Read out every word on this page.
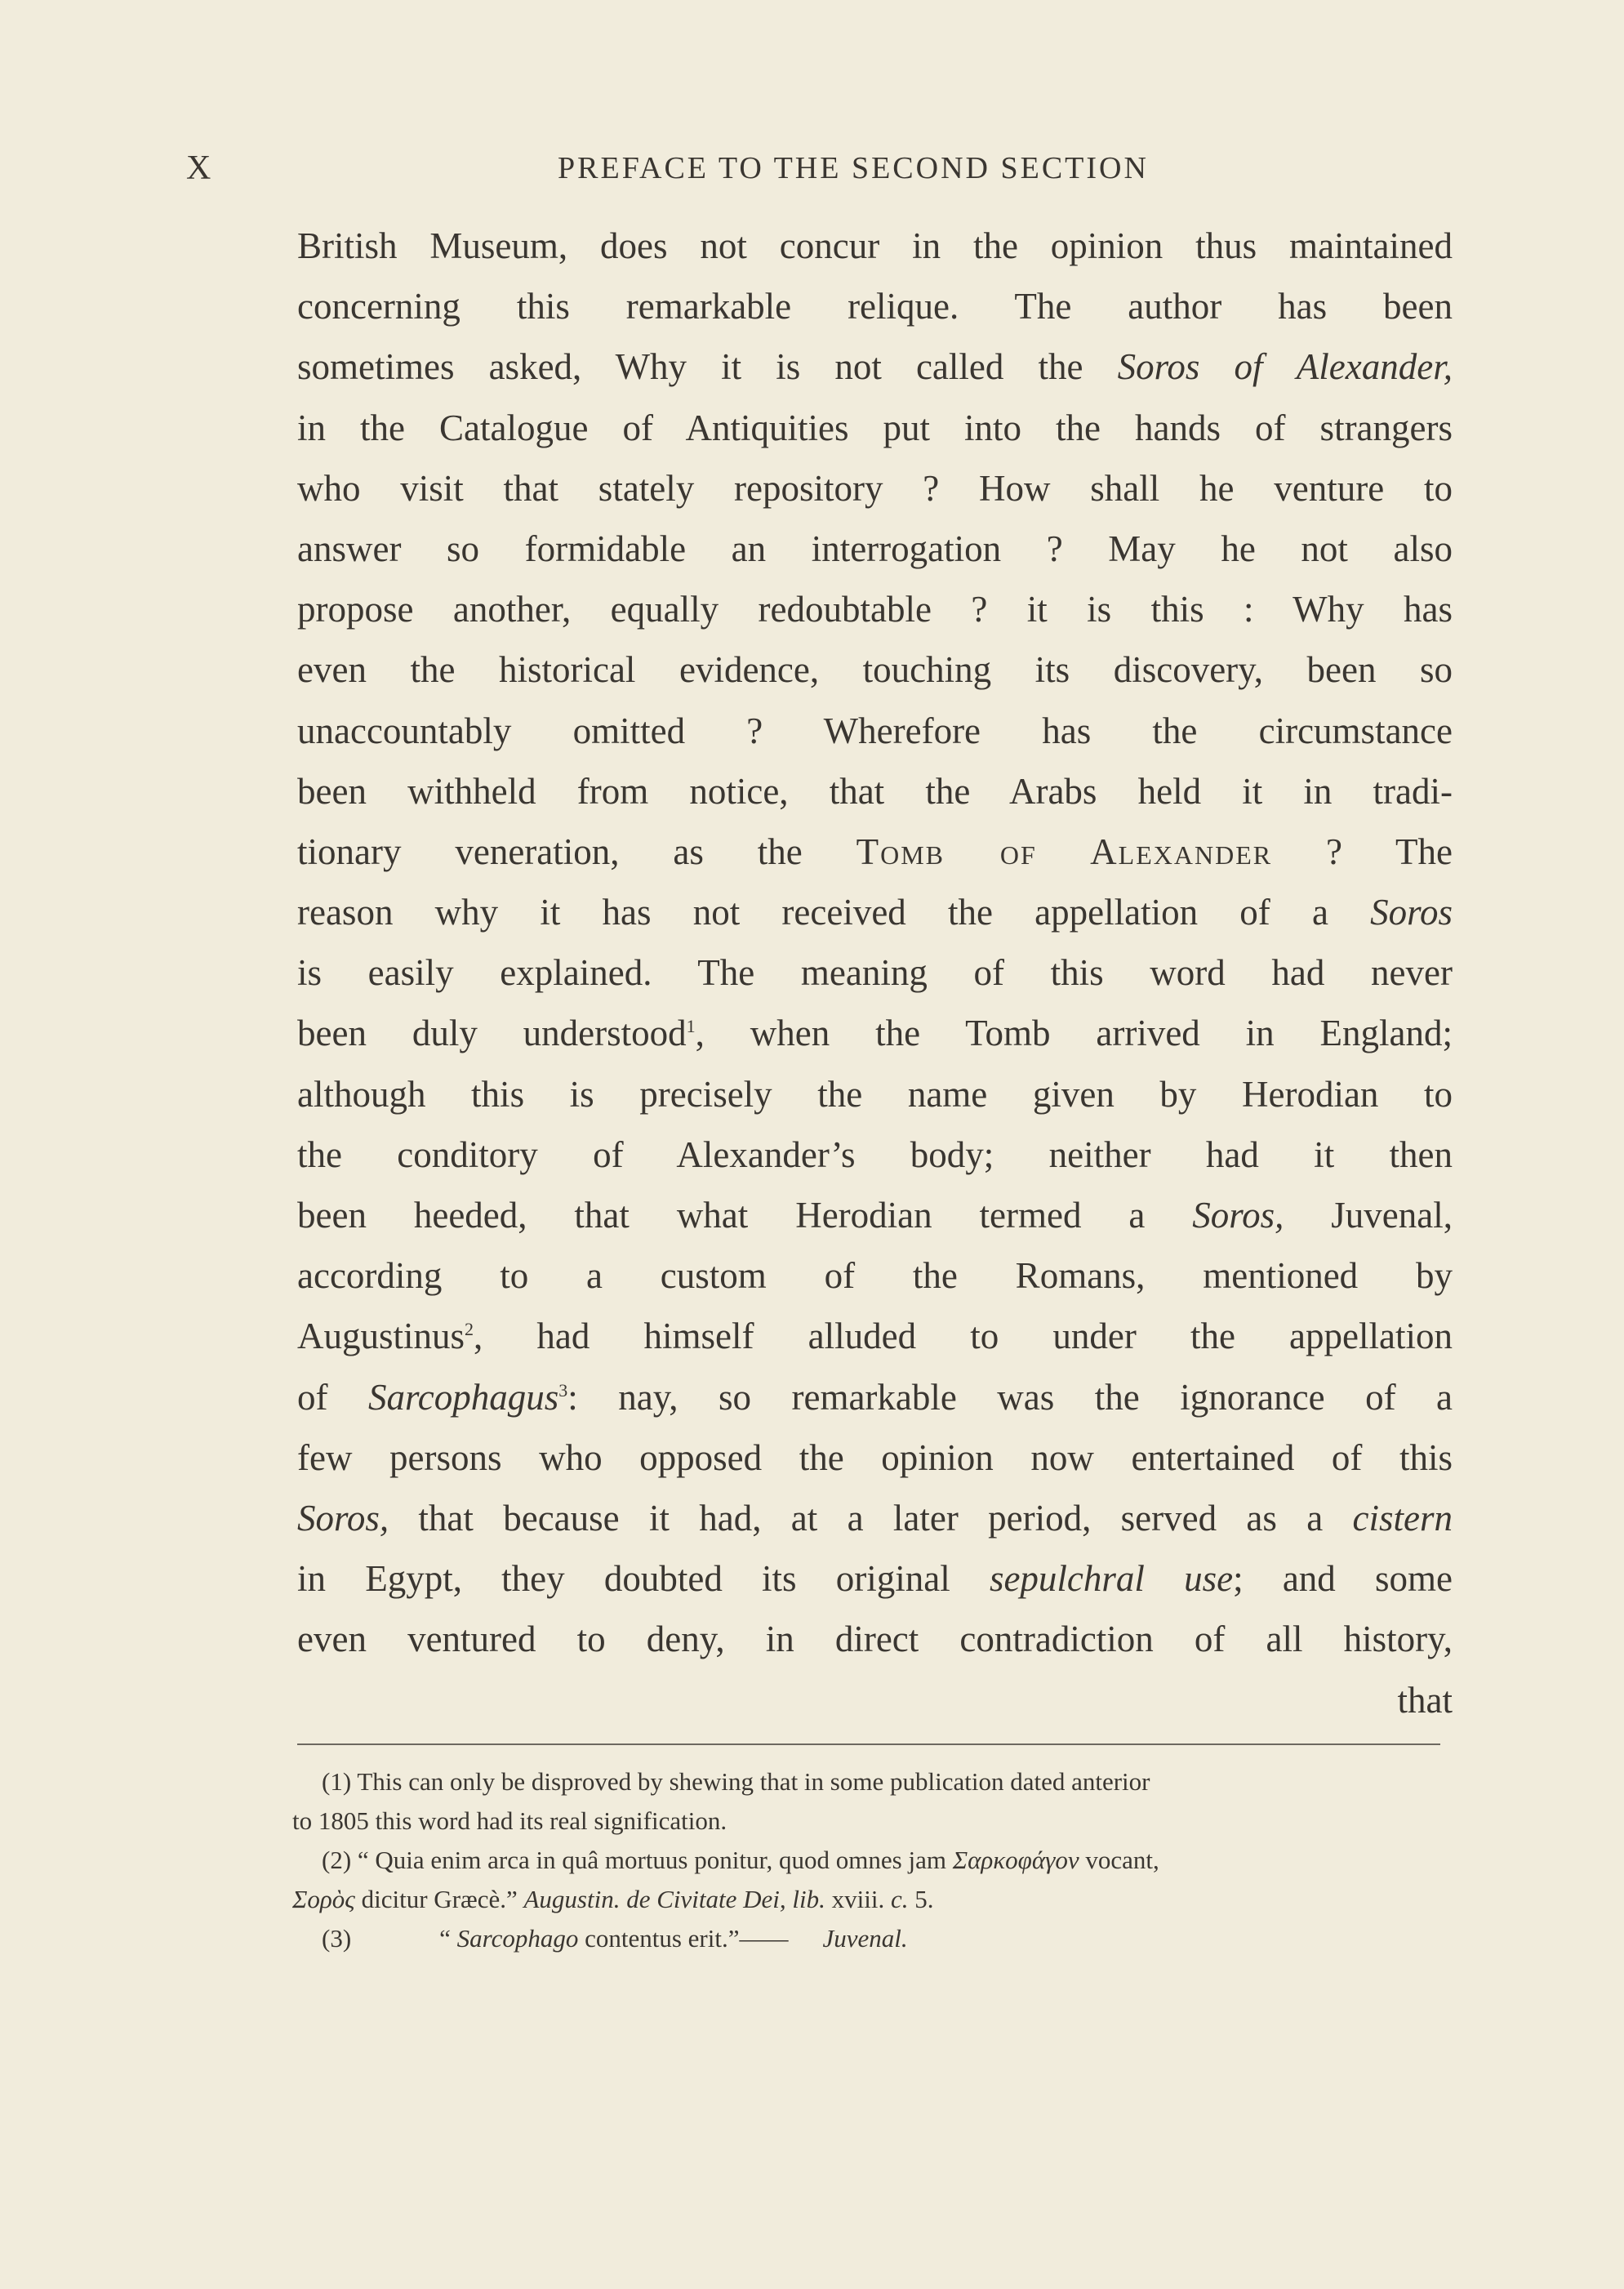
X	PREFACE TO THE SECOND SECTION
British Museum, does not concur in the opinion thus maintained
concerning this remarkable relique. The author has been
sometimes asked, Why it is not called the Soros of Alexander,
in the Catalogue of Antiquities put into the hands of strangers
who visit that stately repository ? How shall he venture to
answer so formidable an interrogation ? May he not also
propose another, equally redoubtable ? it is this : Why has
even the historical evidence, touching its discovery, been so
unaccountably omitted ? Wherefore has the circumstance
been withheld from notice, that the Arabs held it in tradi-
tionary veneration, as the Tomb of Alexander ? The
reason why it has not received the appellation of a Soros
is easily explained. The meaning of this word had never
been duly understood$^1$, when the Tomb arrived in England;
although this is precisely the name given by Herodian to
the conditory of Alexander’s body; neither had it then
been heeded, that what Herodian termed a Soros, Juvenal,
according to a custom of the Romans, mentioned by
Augustinus$^2$, had himself alluded to under the appellation
of Sarcophagus$^3$: nay, so remarkable was the ignorance of a
few persons who opposed the opinion now entertained of this
Soros, that because it had, at a later period, served as a cistern
in Egypt, they doubted its original sepulchral use; and some
even ventured to deny, in direct contradiction of all history,
that
(1) This can only be disproved by shewing that in some publication dated anterior
to 1805 this word had its real signification.
(2) “ Quia enim arca in quâ mortuus ponitur, quod omnes jam Σαρκοφάγον vocant,
Σορὸς dicitur Græcè.” Augustin. de Civitate Dei, lib. xviii. c. 5.
(3)	“ Sarcophago contentus erit.”—— Juvenal.
